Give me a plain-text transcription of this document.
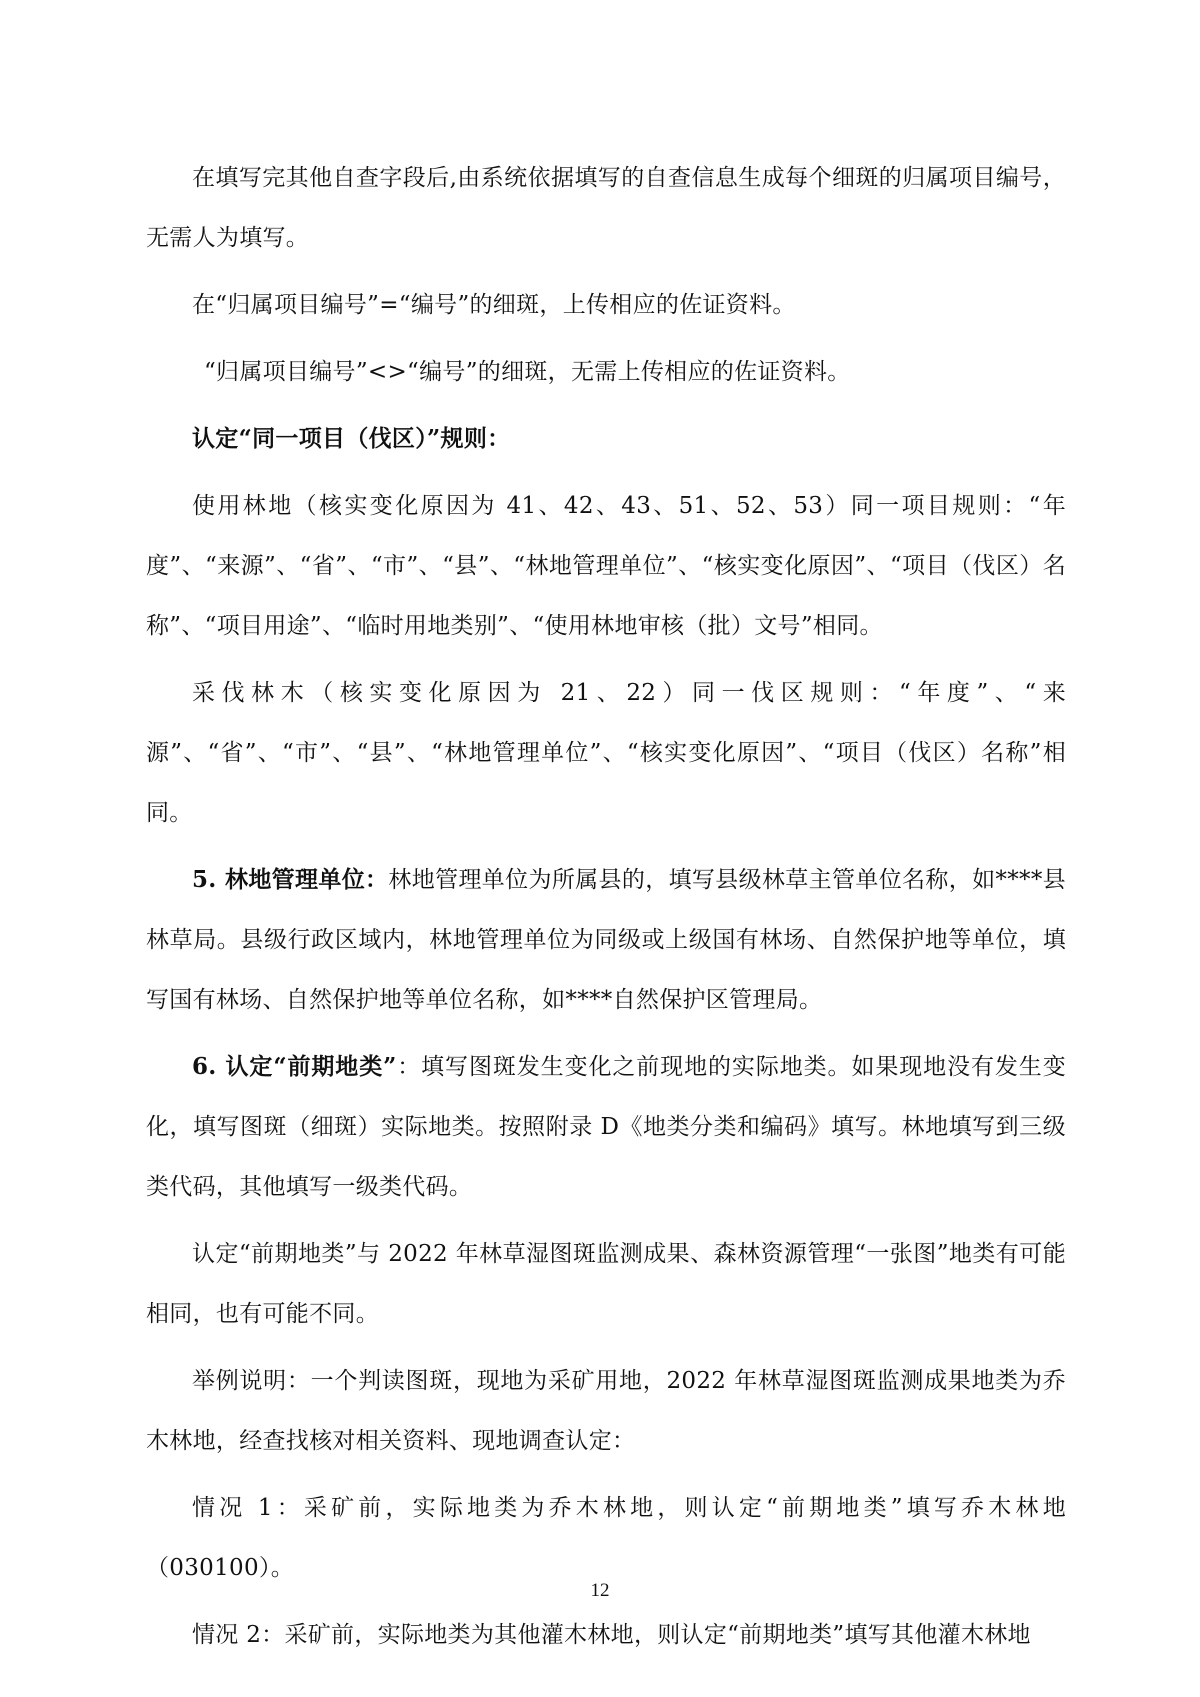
在填写完其他自查字段后,由系统依据填写的自查信息生成每个细斑的归属项目编号，无需人为填写。

在“归属项目编号”=“编号”的细斑，上传相应的佐证资料。

“归属项目编号”<>“编号”的细斑，无需上传相应的佐证资料。

认定“同一项目（伐区）”规则：

使用林地（核实变化原因为 41、42、43、51、52、53）同一项目规则：“年度”、“来源”、“省”、“市”、“县”、“林地管理单位”、“核实变化原因”、“项目（伐区）名称”、“项目用途”、“临时用地类别”、“使用林地审核（批）文号”相同。

采伐林木（核实变化原因为 21、22）同一伐区规则：“年度”、“来源”、“省”、“市”、“县”、“林地管理单位”、“核实变化原因”、“项目（伐区）名称”相同。

5. 林地管理单位：林地管理单位为所属县的，填写县级林草主管单位名称，如****县林草局。县级行政区域内，林地管理单位为同级或上级国有林场、自然保护地等单位，填写国有林场、自然保护地等单位名称，如****自然保护区管理局。

6. 认定“前期地类”：填写图斑发生变化之前现地的实际地类。如果现地没有发生变化，填写图斑（细斑）实际地类。按照附录 D《地类分类和编码》填写。林地填写到三级类代码，其他填写一级类代码。

认定“前期地类”与 2022 年林草湿图斑监测成果、森林资源管理“一张图”地类有可能相同，也有可能不同。

举例说明：一个判读图斑，现地为采矿用地，2022 年林草湿图斑监测成果地类为乔木林地，经查找核对相关资料、现地调查认定：

情况 1：采矿前，实际地类为乔木林地，则认定“前期地类”填写乔木林地（030100）。

情况 2：采矿前，实际地类为其他灌木林地，则认定“前期地类”填写其他灌木林地

12
